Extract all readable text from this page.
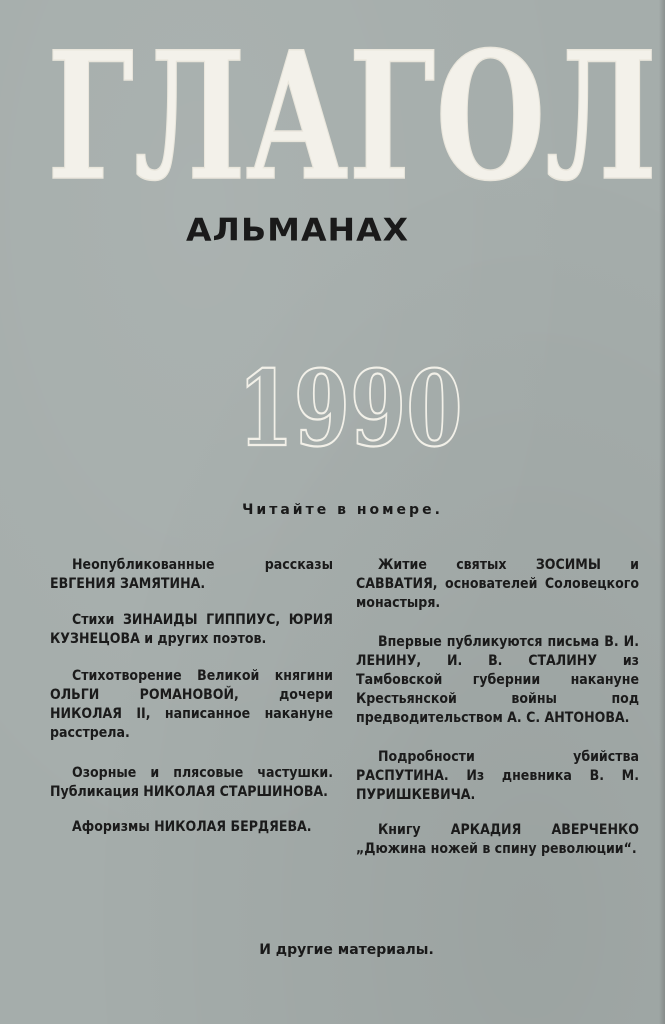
ГЛАГОЛ
АЛЬМАНАХ
1990
Читайте в номере.

Неопубликованные рассказы ЕВГЕНИЯ ЗАМЯТИНА.

Стихи ЗИНАИДЫ ГИППИУС, ЮРИЯ КУЗНЕЦОВА и других поэтов.

Стихотворение Великой княгини ОЛЬГИ РОМАНОВОЙ, дочери НИКОЛАЯ II, написанное накануне расстрела.

Озорные и плясовые частушки. Публикация НИКОЛАЯ СТАРШИНОВА.

Афоризмы НИКОЛАЯ БЕРДЯЕВА.

Житие святых ЗОСИМЫ и САВВАТИЯ, основателей Соловецкого монастыря.

Впервые публикуются письма В. И. ЛЕНИНУ, И. В. СТАЛИНУ из Тамбовской губернии накануне Крестьянской войны под предводительством А. С. АНТОНОВА.

Подробности убийства РАСПУТИНА. Из дневника В. М. ПУРИШКЕВИЧА.

Книгу АРКАДИЯ АВЕРЧЕНКО „Дюжина ножей в спину революции“.

И другие материалы.
